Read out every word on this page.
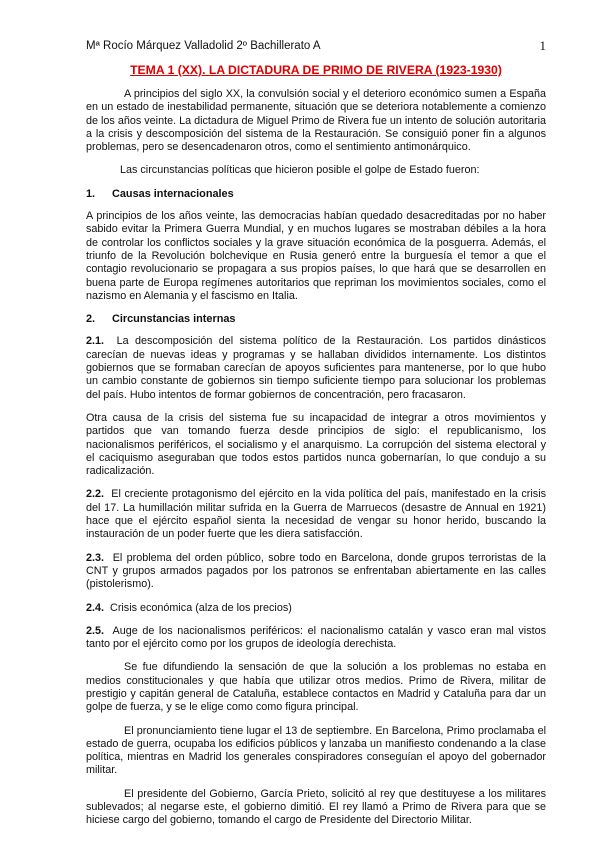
Mª Rocío Márquez Valladolid 2º Bachillerato A	1
TEMA 1 (XX). LA DICTADURA DE PRIMO DE RIVERA (1923-1930)

A principios del siglo XX, la convulsión social y el deterioro económico sumen a España en un estado de inestabilidad permanente, situación que se deteriora notablemente a comienzo de los años veinte. La dictadura de Miguel Primo de Rivera fue un intento de solución autoritaria a la crisis y descomposición del sistema de la Restauración. Se consiguió poner fin a algunos problemas, pero se desencadenaron otros, como el sentimiento antimonárquico.

Las circunstancias políticas que hicieron posible el golpe de Estado fueron:

1.	Causas internacionales

A principios de los años veinte, las democracias habían quedado desacreditadas por no haber sabido evitar la Primera Guerra Mundial, y en muchos lugares se mostraban débiles a la hora de controlar los conflictos sociales y la grave situación económica de la posguerra. Además, el triunfo de la Revolución bolchevique en Rusia generó entre la burguesía el temor a que el contagio revolucionario se propagara a sus propios países, lo que hará que se desarrollen en buena parte de Europa regímenes autoritarios que repriman los movimientos sociales, como el nazismo en Alemania y el fascismo en Italia.

2.	Circunstancias internas

2.1. La descomposición del sistema político de la Restauración. Los partidos dinásticos carecían de nuevas ideas y programas y se hallaban divididos internamente. Los distintos gobiernos que se formaban carecían de apoyos suficientes para mantenerse, por lo que hubo un cambio constante de gobiernos sin tiempo suficiente tiempo para solucionar los problemas del país. Hubo intentos de formar gobiernos de concentración, pero fracasaron.

Otra causa de la crisis del sistema fue su incapacidad de integrar a otros movimientos y partidos que van tomando fuerza desde principios de siglo: el republicanismo, los nacionalismos periféricos, el socialismo y el anarquismo. La corrupción del sistema electoral y el caciquismo aseguraban que todos estos partidos nunca gobernarían, lo que condujo a su radicalización.

2.2. El creciente protagonismo del ejército en la vida política del país, manifestado en la crisis del 17. La humillación militar sufrida en la Guerra de Marruecos (desastre de Annual en 1921) hace que el ejército español sienta la necesidad de vengar su honor herido, buscando la instauración de un poder fuerte que les diera satisfacción.

2.3. El problema del orden público, sobre todo en Barcelona, donde grupos terroristas de la CNT y grupos armados pagados por los patronos se enfrentaban abiertamente en las calles (pistolerismo).

2.4. Crisis económica (alza de los precios)

2.5. Auge de los nacionalismos periféricos: el nacionalismo catalán y vasco eran mal vistos tanto por el ejército como por los grupos de ideología derechista.

Se fue difundiendo la sensación de que la solución a los problemas no estaba en medios constitucionales y que había que utilizar otros medios. Primo de Rivera, militar de prestigio y capitán general de Cataluña, establece contactos en Madrid y Cataluña para dar un golpe de fuerza, y se le elige como como figura principal.

El pronunciamiento tiene lugar el 13 de septiembre. En Barcelona, Primo proclamaba el estado de guerra, ocupaba los edificios públicos y lanzaba un manifiesto condenando a la clase política, mientras en Madrid los generales conspiradores conseguían el apoyo del gobernador militar.

El presidente del Gobierno, García Prieto, solicitó al rey que destituyese a los militares sublevados; al negarse este, el gobierno dimitió. El rey llamó a Primo de Rivera para que se hiciese cargo del gobierno, tomando el cargo de Presidente del Directorio Militar.
